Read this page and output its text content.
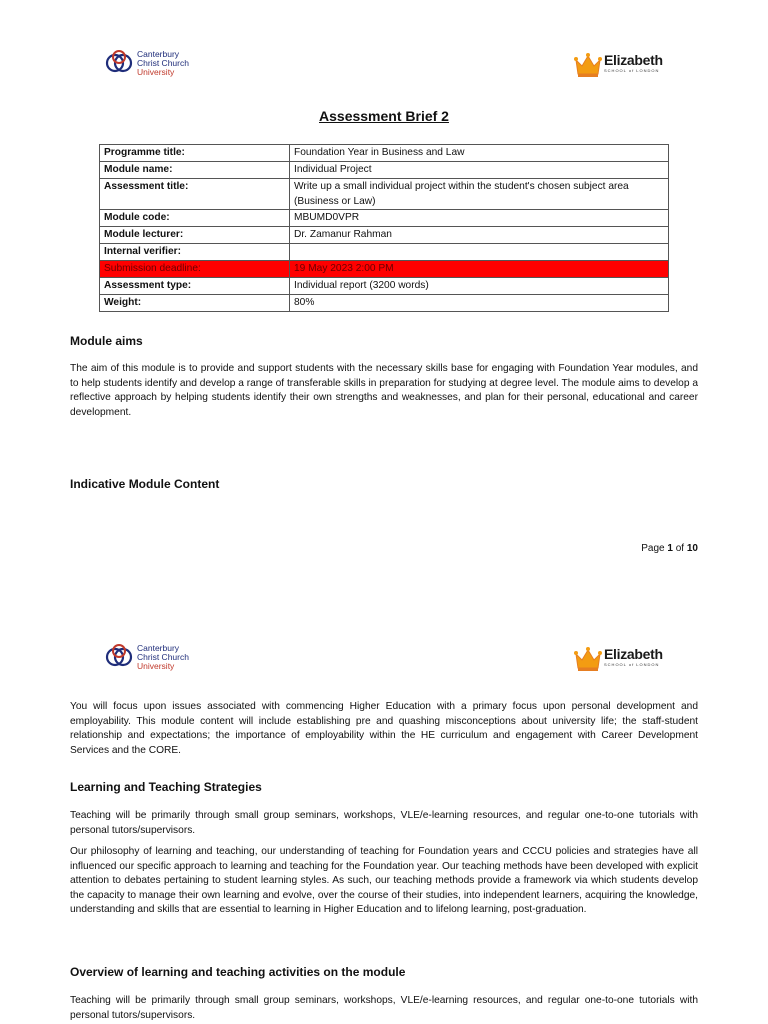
Canterbury
Christ Church
University
Elizabeth
SCHOOL of LONDON
Assessment Brief 2
Programme title:	Foundation Year in Business and Law
Module name:	Individual Project
Assessment title:	Write up a small individual project within the student's chosen subject area (Business or Law)
Module code:	MBUMD0VPR
Module lecturer:	Dr. Zamanur Rahman
Internal verifier:	
Submission deadline:	19 May 2023 2:00 PM
Assessment type:	Individual report (3200 words)
Weight:	80%
Module aims

The aim of this module is to provide and support students with the necessary skills base for engaging with Foundation Year modules, and to help students identify and develop a range of transferable skills in preparation for studying at degree level. The module aims to develop a reflective approach by helping students identify their own strengths and weaknesses, and plan for their personal, educational and career development.

Indicative Module Content
Page 1 of 10
Canterbury
Christ Church
University
Elizabeth
SCHOOL of LONDON

You will focus upon issues associated with commencing Higher Education with a primary focus upon personal development and employability. This module content will include establishing pre and quashing misconceptions about university life; the staff-student relationship and expectations; the importance of employability within the HE curriculum and engagement with Career Development Services and the CORE.

Learning and Teaching Strategies

Teaching will be primarily through small group seminars, workshops, VLE/e-learning resources, and regular one-to-one tutorials with personal tutors/supervisors.

Our philosophy of learning and teaching, our understanding of teaching for Foundation years and CCCU policies and strategies have all influenced our specific approach to learning and teaching for the Foundation year. Our teaching methods have been developed with explicit attention to debates pertaining to student learning styles. As such, our teaching methods provide a framework via which students develop the capacity to manage their own learning and evolve, over the course of their studies, into independent learners, acquiring the knowledge, understanding and skills that are essential to learning in Higher Education and to lifelong learning, post-graduation.

Overview of learning and teaching activities on the module

Teaching will be primarily through small group seminars, workshops, VLE/e-learning resources, and regular one-to-one tutorials with personal tutors/supervisors.
